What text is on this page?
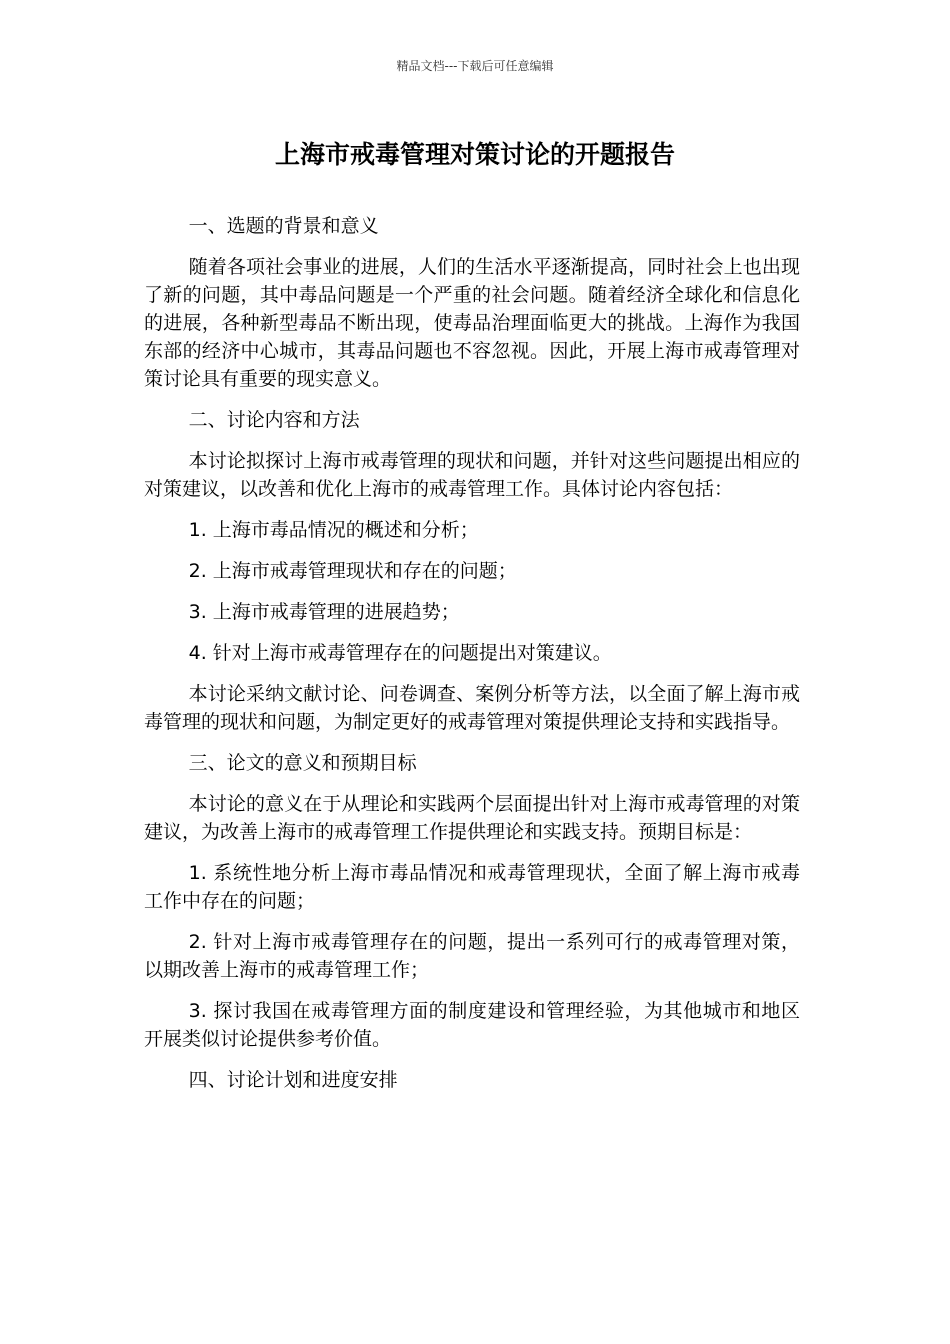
精品文档---下载后可任意编辑
上海市戒毒管理对策讨论的开题报告

一、选题的背景和意义

随着各项社会事业的进展，人们的生活水平逐渐提高，同时社会上也出现了新的问题，其中毒品问题是一个严重的社会问题。随着经济全球化和信息化的进展，各种新型毒品不断出现，使毒品治理面临更大的挑战。上海作为我国东部的经济中心城市，其毒品问题也不容忽视。因此，开展上海市戒毒管理对策讨论具有重要的现实意义。

二、讨论内容和方法

本讨论拟探讨上海市戒毒管理的现状和问题，并针对这些问题提出相应的对策建议，以改善和优化上海市的戒毒管理工作。具体讨论内容包括：

1. 上海市毒品情况的概述和分析；

2. 上海市戒毒管理现状和存在的问题；

3. 上海市戒毒管理的进展趋势；

4. 针对上海市戒毒管理存在的问题提出对策建议。

本讨论采纳文献讨论、问卷调查、案例分析等方法，以全面了解上海市戒毒管理的现状和问题，为制定更好的戒毒管理对策提供理论支持和实践指导。

三、论文的意义和预期目标

本讨论的意义在于从理论和实践两个层面提出针对上海市戒毒管理的对策建议，为改善上海市的戒毒管理工作提供理论和实践支持。预期目标是：

1. 系统性地分析上海市毒品情况和戒毒管理现状，全面了解上海市戒毒工作中存在的问题；

2. 针对上海市戒毒管理存在的问题，提出一系列可行的戒毒管理对策，以期改善上海市的戒毒管理工作；

3. 探讨我国在戒毒管理方面的制度建设和管理经验，为其他城市和地区开展类似讨论提供参考价值。

四、讨论计划和进度安排
